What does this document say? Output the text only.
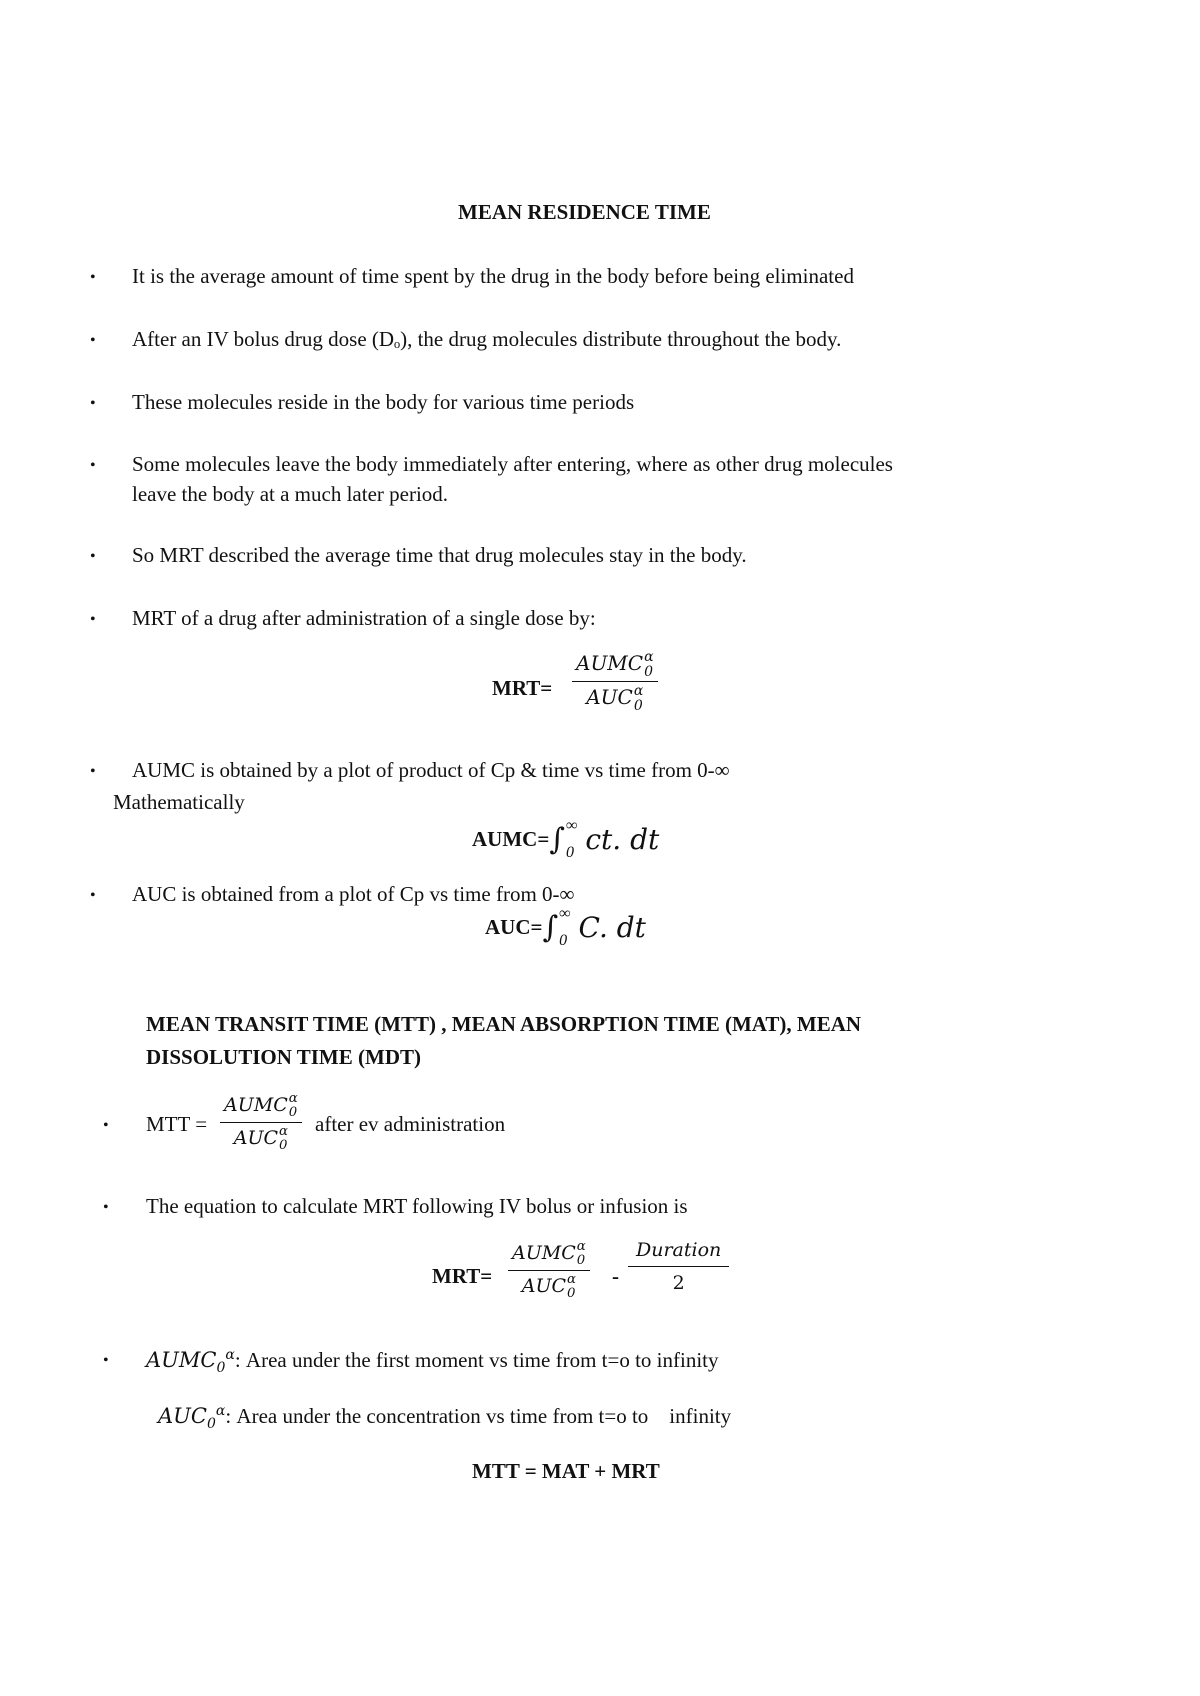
MEAN RESIDENCE TIME
• It is the average amount of time spent by the drug in the body before being eliminated
• After an IV bolus drug dose (Dₒ), the drug molecules distribute throughout the body.
• These molecules reside in the body for various time periods
• Some molecules leave the body immediately after entering, where as other drug molecules
leave the body at a much later period.
• So MRT described the average time that drug molecules stay in the body.
• MRT of a drug after administration of a single dose by:
MRT=
AUMC α
0
AUC α
0
• AUMC is obtained by a plot of product of Cp & time vs time from 0-∞
Mathematically
AUMC= ∫ ∞
0 ct. dt
• AUC is obtained from a plot of Cp vs time from 0-∞
AUC= ∫ ∞
0 C. dt
MEAN TRANSIT TIME (MTT) , MEAN ABSORPTION TIME (MAT), MEAN
DISSOLUTION TIME (MDT)
• MTT =
AUMC α
0
AUC α
0
after ev administration
• The equation to calculate MRT following IV bolus or infusion is
MRT=
AUMC α
0
AUC α
0
-
Duration
2
• $AUMC_0^\alpha$: Area under the first moment vs time from t=o to infinity
$AUC_0^\alpha$: Area under the concentration vs time from t=o to    infinity
MTT = MAT + MRT
